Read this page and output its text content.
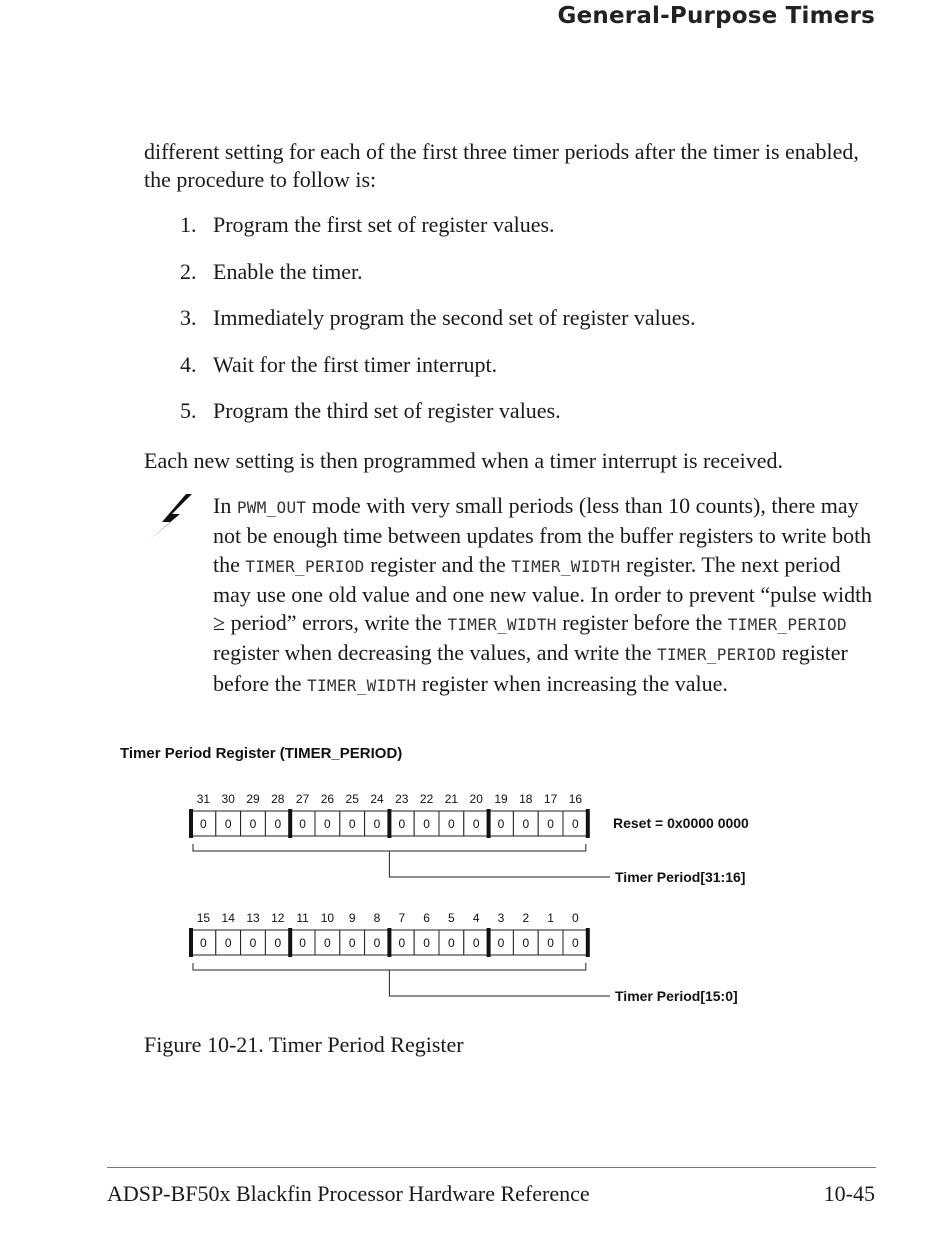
General-Purpose Timers

different setting for each of the first three timer periods after the timer is enabled, the procedure to follow is:

1. Program the first set of register values.
2. Enable the timer.
3. Immediately program the second set of register values.
4. Wait for the first timer interrupt.
5. Program the third set of register values.

Each new setting is then programmed when a timer interrupt is received.

In PWM_OUT mode with very small periods (less than 10 counts), there may not be enough time between updates from the buffer registers to write both the TIMER_PERIOD register and the TIMER_WIDTH register. The next period may use one old value and one new value. In order to prevent “pulse width ≥ period” errors, write the TIMER_WIDTH register before the TIMER_PERIOD register when decreasing the values, and write the TIMER_PERIOD register before the TIMER_WIDTH register when increasing the value.

Timer Period Register (TIMER_PERIOD)
31 30 29 28 27 26 25 24 23 22 21 20 19 18 17 16
0 0 0 0 0 0 0 0 0 0 0 0 0 0 0 0
Timer Period[31:16]
Reset = 0x0000 0000
15 14 13 12 11 10 9 8 7 6 5 4 3 2 1 0
0 0 0 0 0 0 0 0 0 0 0 0 0 0 0 0
Timer Period[15:0]
Figure 10-21. Timer Period Register
ADSP-BF50x Blackfin Processor Hardware Reference	10-45
